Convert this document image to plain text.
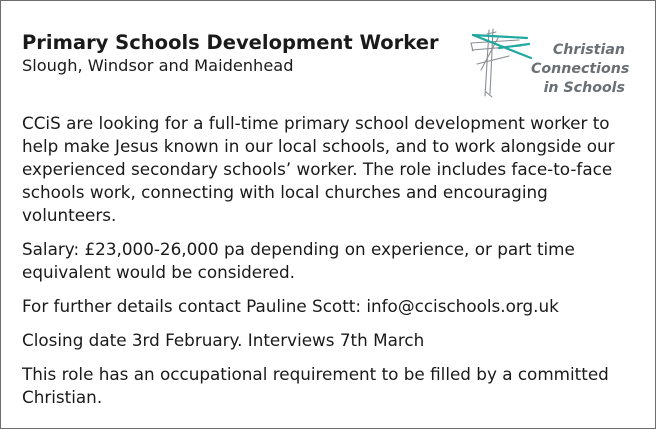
Primary Schools Development Worker
Slough, Windsor and Maidenhead
Christian
Connections
in Schools

CCiS are looking for a full-time primary school development worker to help make Jesus known in our local schools, and to work alongside our experienced secondary schools’ worker. The role includes face-to-face schools work, connecting with local churches and encouraging volunteers.

Salary: £23,000-26,000 pa depending on experience, or part time equivalent would be considered.

For further details contact Pauline Scott: info@ccischools.org.uk

Closing date 3rd February. Interviews 7th March

This role has an occupational requirement to be filled by a committed Christian.
